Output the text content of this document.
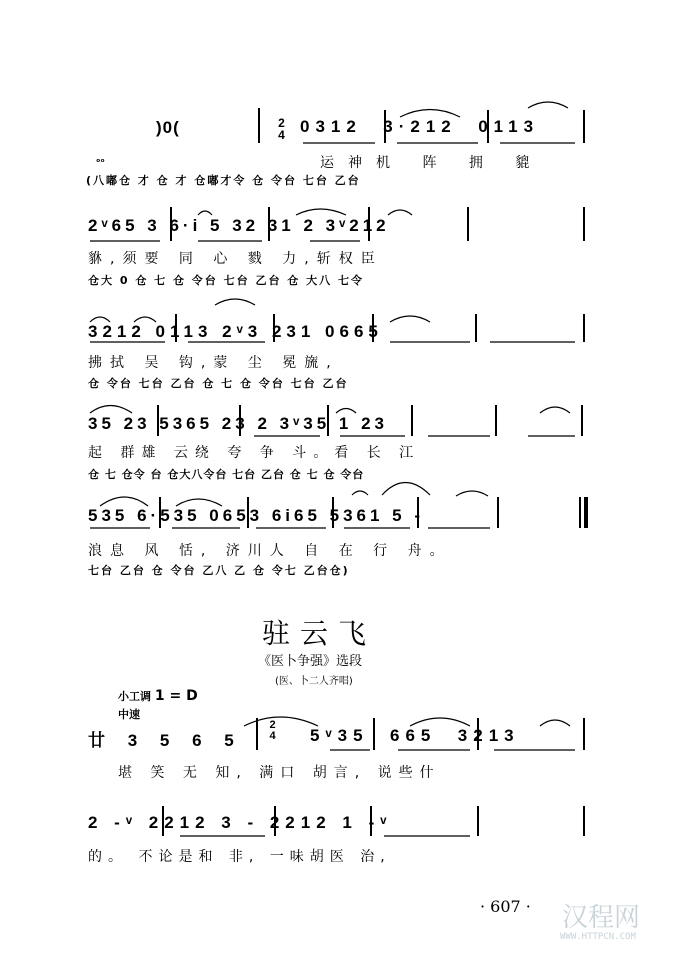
)0(	2
4 0312  3·212  0113
运神机 阵 拥 貔
ᵒᵒ
(八嘟仓 才 仓 才 仓嘟才令 仓 令台 七台 乙台
2ᵛ65 3 6·i 5 32 31 2 3ᵛ212
貅,须要 同 心 戮 力,斩权臣
仓大 0 仓 七 仓 令台 七台 乙台 仓 大八 七令
3212 0113 2ᵛ3 231 0665
拂拭 吴 钩,蒙 尘 冕旒,
仓 令台 七台 乙台 仓 七 仓 令台 七台 乙台
35 23 5365 23 2 3ᵛ35 1 23
起 群雄 云绕 夸 争 斗。看 长 江
仓 七 仓令 台 仓大八令台 七台 乙台 仓 七 仓 令台
535 6·535 0653 6i65 5361 5 -
浪息 风 恬, 济川人 自 在 行 舟。
七台 乙台 仓 令台 乙八 乙 仓 令七 乙台仓)
驻云飞
《医卜争强》选段
(医、卜二人齐唱)
小工调 1 = D
中速
廿 3 5 6 5
2
4 5ᵛ35  665  3213
堪 笑 无 知, 满口 胡言, 说些什
2 -ᵛ 2212 3 - 2212 1 -ᵛ
的。 不论是和 非, 一味胡医 治,
· 607 · 汉程网
WWW.HTTPCN.COM
